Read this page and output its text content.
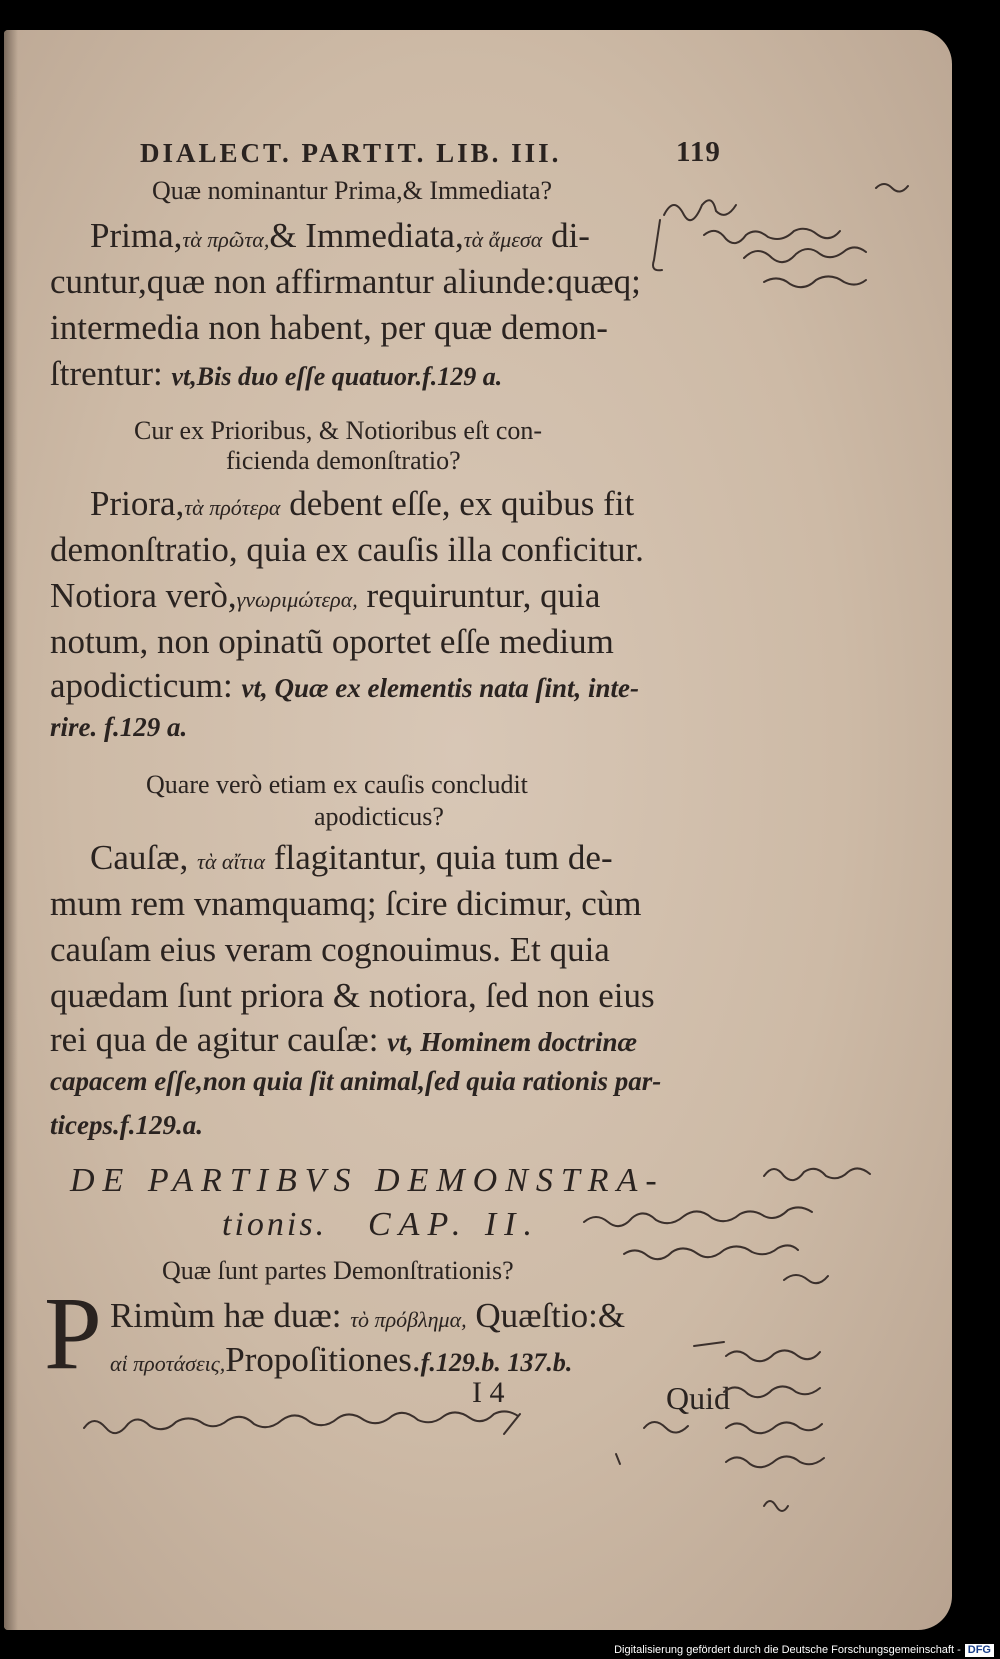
DIALECT. PARTIT. LIB. III.	119
Quæ nominantur Prima,& Immediata?
Prima,τὰ πρῶτα,& Immediata,τὰ ἄμεσα di-
cuntur,quæ non affirmantur aliunde:quæq;
intermedia non habent, per quæ demon-
ſtrentur: vt,Bis duo eſſe quatuor.f.129 a.
Cur ex Prioribus, & Notioribus eſt con-
ficienda demonſtratio?
Priora,τὰ πρότερα debent eſſe, ex quibus fit
demonſtratio, quia ex cauſis illa conficitur.
Notiora verò,γνωριμώτερα, requiruntur, quia
notum, non opinatũ oportet eſſe medium
apodicticum: vt, Quæ ex elementis nata ſint, inte-
rire. f.129 a.
Quare verò etiam ex cauſis concludit
apodicticus?
Cauſæ, τὰ αἴτια flagitantur, quia tum de-
mum rem vnamquamq; ſcire dicimur, cùm
cauſam eius veram cognouimus. Et quia
quædam ſunt priora & notiora, ſed non eius
rei qua de agitur cauſæ: vt, Hominem doctrinæ
capacem eſſe,non quia ſit animal,ſed quia rationis par-
ticeps.f.129.a.
DE PARTIBVS DEMONSTRA-
tionis. CAP. II.
Quæ ſunt partes Demonſtrationis?
P Rimùm hæ duæ: τὸ πρόβλημα, Quæſtio:&
αἱ προτάσεις,Propoſitiones.f.129.b. 137.b.
I 4	Quid
Digitalisierung gefördert durch die Deutsche Forschungsgemeinschaft - DFG
